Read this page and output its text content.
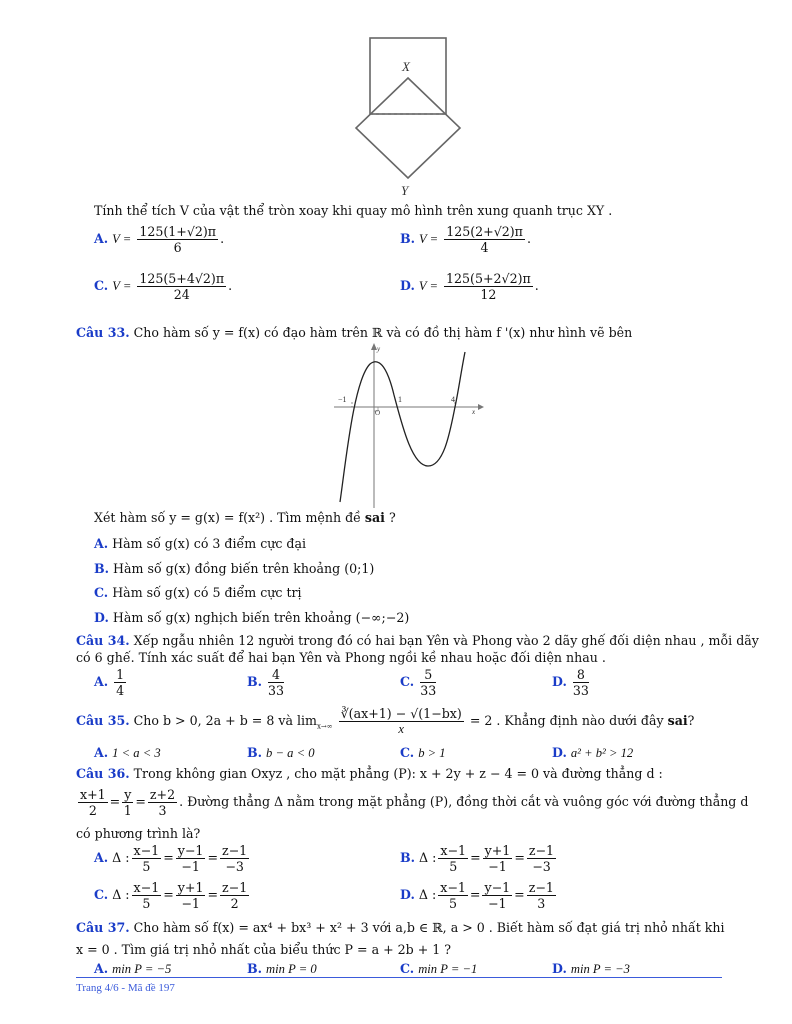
X
Y
Tính thể tích V của vật thể tròn xoay khi quay mô hình trên xung quanh trục XY .
A. $V = \frac{125(1+√2)\pi}{6}$ .	B. $V = \frac{125(2+√2)\pi}{4}$ .
C. $V = \frac{125(5+4√2)\pi}{24}$ .	D. $V = \frac{125(5+2√2)\pi}{12}$ .
Câu 33. Cho hàm số y = f(x) có đạo hàm trên ℝ và có đồ thị hàm f '(x) như hình vẽ bên
−1	1	4
O	x
y
Xét hàm số y = g(x) = f(x²) . Tìm mệnh đề sai ?
A. Hàm số g(x) có 3 điểm cực đại
B. Hàm số g(x) đồng biến trên khoảng (0;1)
C. Hàm số g(x) có 5 điểm cực trị
D. Hàm số g(x) nghịch biến trên khoảng (−∞;−2)
Câu 34. Xếp ngẫu nhiên 12 người trong đó có hai bạn Yên và Phong vào 2 dãy ghế đối diện nhau , mỗi dãy
có 6 ghế. Tính xác suất để hai bạn Yên và Phong ngồi kề nhau hoặc đối diện nhau .
A. $\frac{1}{4}$	B. $\frac{4}{33}$	C. $\frac{5}{33}$	D. $\frac{8}{33}$
Câu 35. Cho b > 0, 2a + b = 8 và $\lim_{x\to\infty} \frac{∛(ax+1) - √(1-bx)}{x} = 2$ . Khẳng định nào dưới đây sai?
A. 1 < a < 3	B. b − a < 0	C. b > 1	D. a² + b² > 12
Câu 36. Trong không gian Oxyz , cho mặt phẳng (P): x + 2y + z − 4 = 0 và đường thẳng d :
$\frac{x+1}{2} = \frac{y}{1} = \frac{z+2}{3}$ . Đường thẳng Δ nằm trong mặt phẳng (P), đồng thời cắt và vuông góc với đường thẳng d
có phương trình là?
A. Δ : $\frac{x-1}{5} = \frac{y-1}{-1} = \frac{z-1}{-3}$	B. Δ : $\frac{x-1}{5} = \frac{y+1}{-1} = \frac{z-1}{-3}$
C. Δ : $\frac{x-1}{5} = \frac{y+1}{-1} = \frac{z-1}{2}$	D. Δ : $\frac{x-1}{5} = \frac{y-1}{-1} = \frac{z-1}{3}$
Câu 37. Cho hàm số f(x) = ax⁴ + bx³ + x² + 3 với a,b ∈ ℝ, a > 0 . Biết hàm số đạt giá trị nhỏ nhất khi
x = 0 . Tìm giá trị nhỏ nhất của biểu thức P = a + 2b + 1 ?
A. min P = −5	B. min P = 0	C. min P = −1	D. min P = −3
Trang 4/6 - Mã đề 197
